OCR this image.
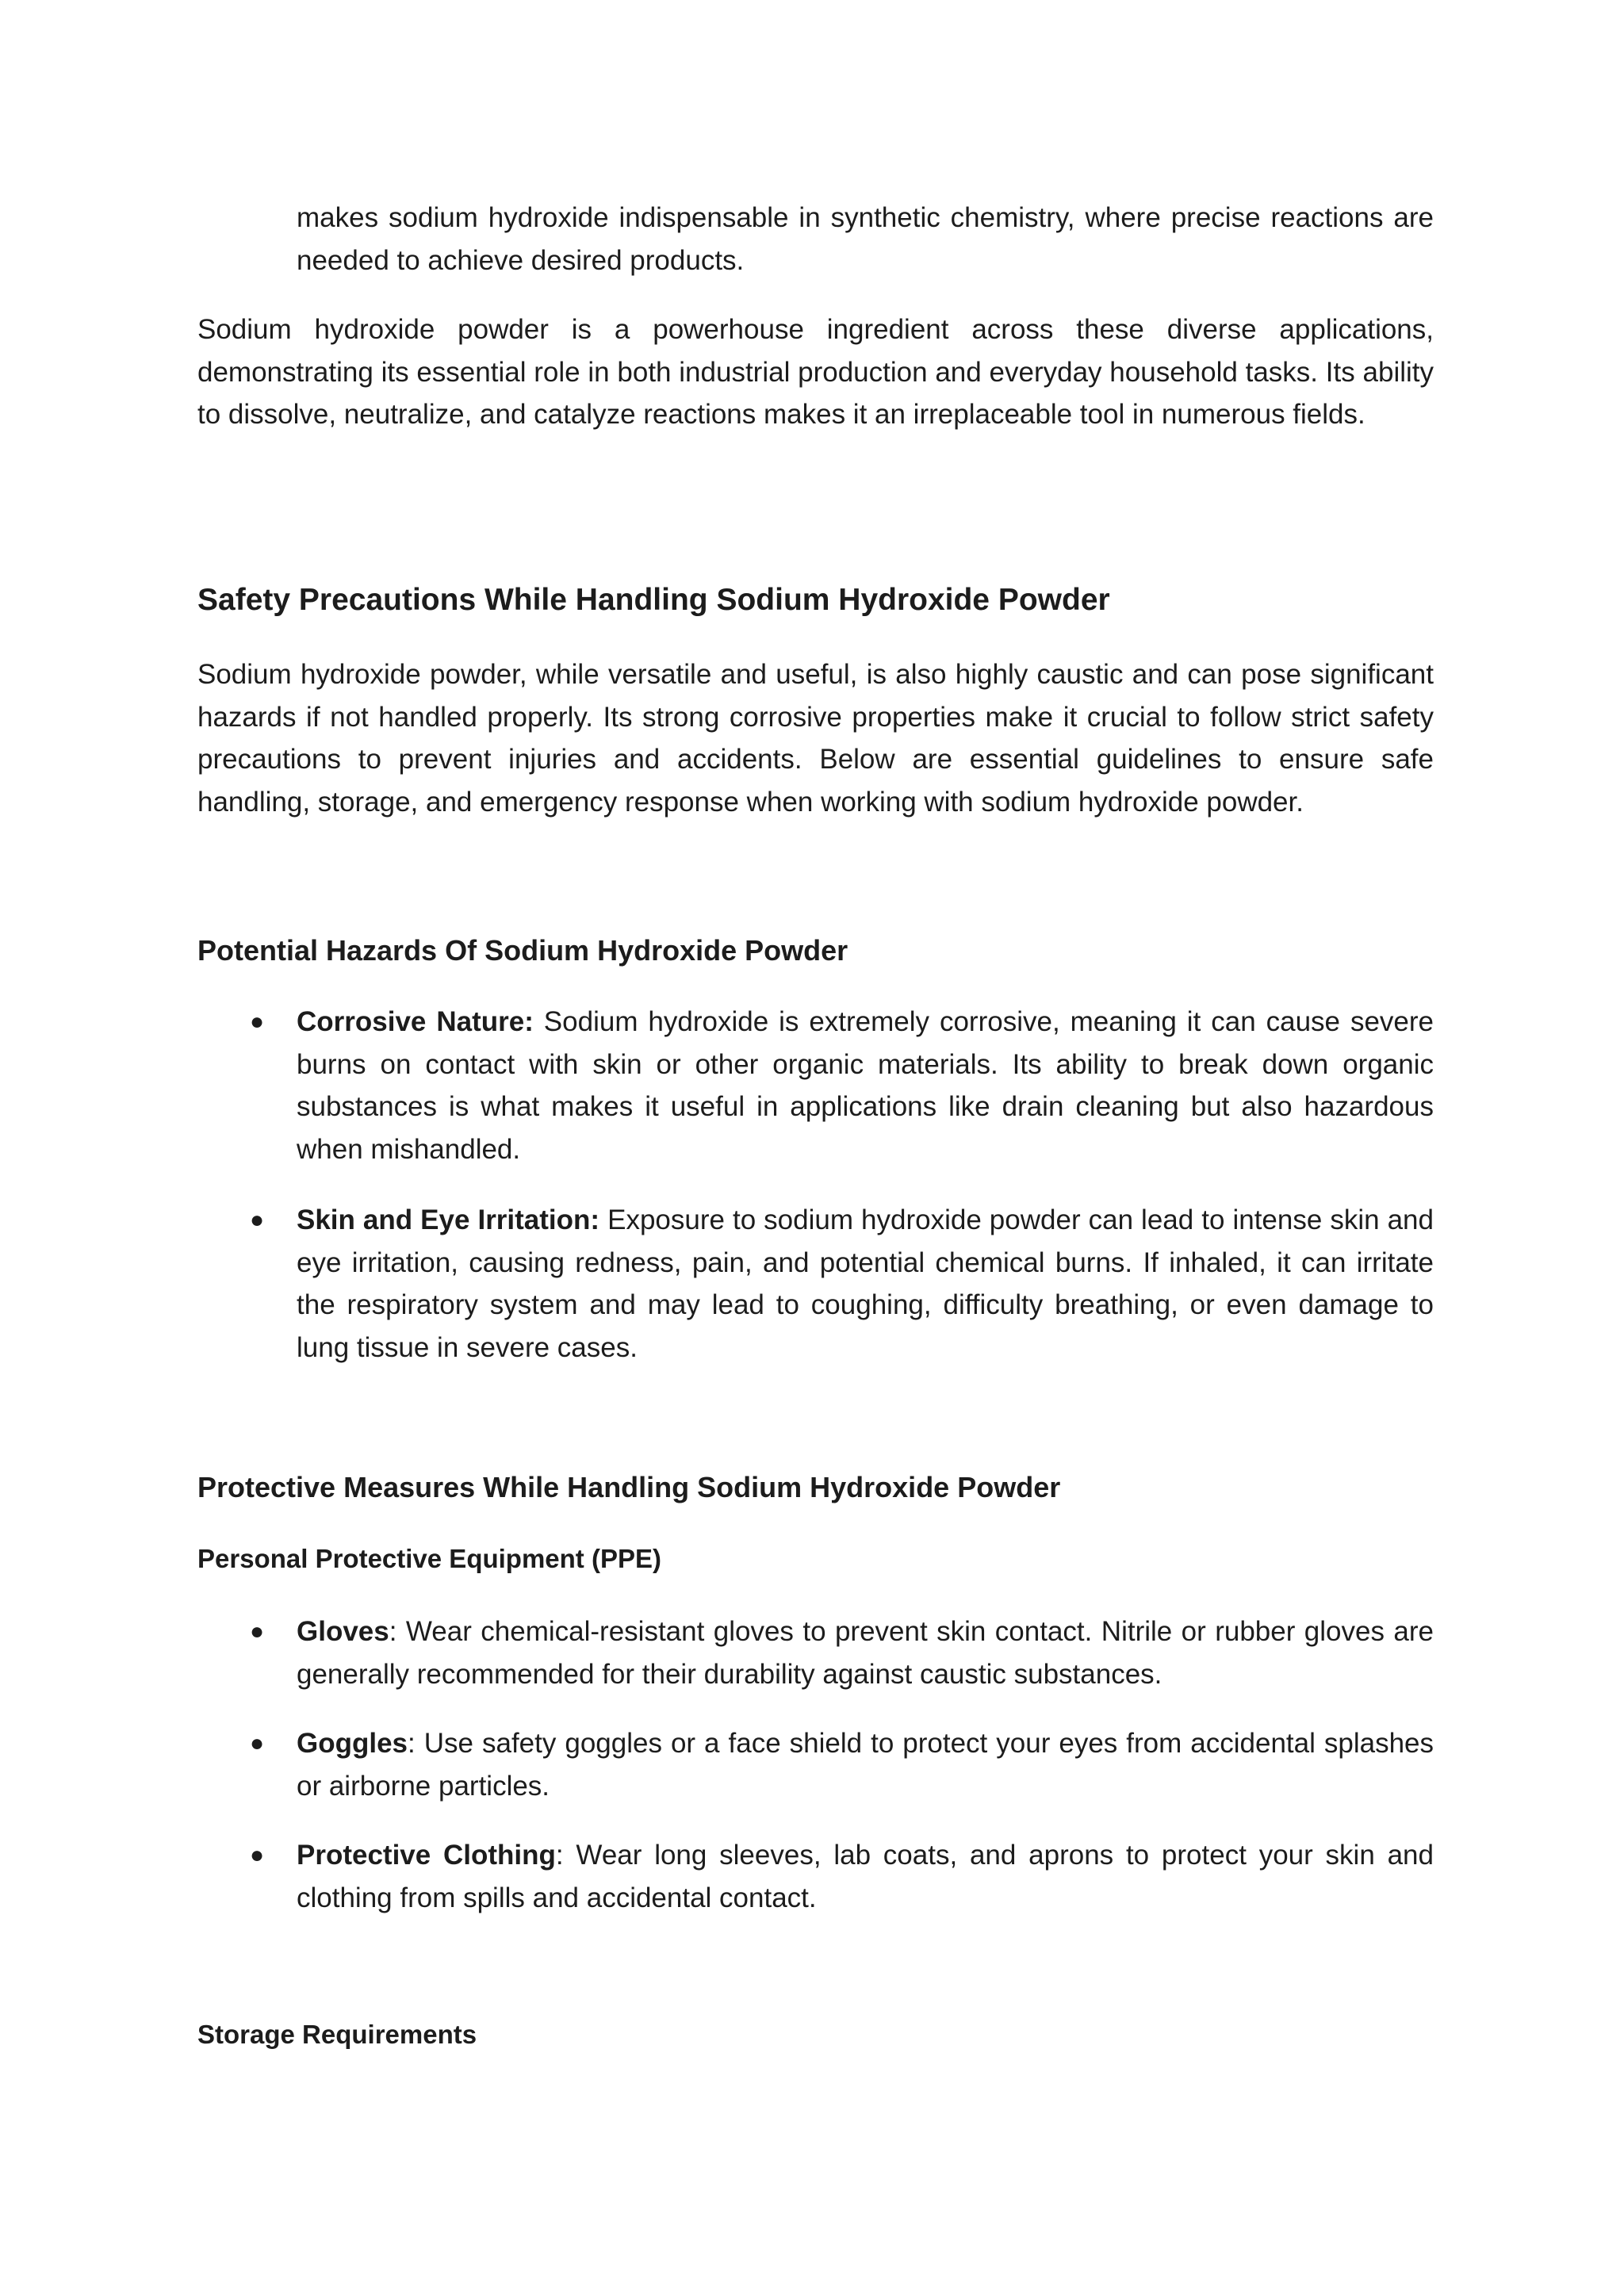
makes sodium hydroxide indispensable in synthetic chemistry, where precise reactions are needed to achieve desired products.

Sodium hydroxide powder is a powerhouse ingredient across these diverse applications, demonstrating its essential role in both industrial production and everyday household tasks. Its ability to dissolve, neutralize, and catalyze reactions makes it an irreplaceable tool in numerous fields.

Safety Precautions While Handling Sodium Hydroxide Powder

Sodium hydroxide powder, while versatile and useful, is also highly caustic and can pose significant hazards if not handled properly. Its strong corrosive properties make it crucial to follow strict safety precautions to prevent injuries and accidents. Below are essential guidelines to ensure safe handling, storage, and emergency response when working with sodium hydroxide powder.

Potential Hazards Of Sodium Hydroxide Powder
● Corrosive Nature: Sodium hydroxide is extremely corrosive, meaning it can cause severe burns on contact with skin or other organic materials. Its ability to break down organic substances is what makes it useful in applications like drain cleaning but also hazardous when mishandled.

● Skin and Eye Irritation: Exposure to sodium hydroxide powder can lead to intense skin and eye irritation, causing redness, pain, and potential chemical burns. If inhaled, it can irritate the respiratory system and may lead to coughing, difficulty breathing, or even damage to lung tissue in severe cases.

Protective Measures While Handling Sodium Hydroxide Powder
Personal Protective Equipment (PPE)
● Gloves: Wear chemical-resistant gloves to prevent skin contact. Nitrile or rubber gloves are generally recommended for their durability against caustic substances.

● Goggles: Use safety goggles or a face shield to protect your eyes from accidental splashes or airborne particles.

● Protective Clothing: Wear long sleeves, lab coats, and aprons to protect your skin and clothing from spills and accidental contact.

Storage Requirements
